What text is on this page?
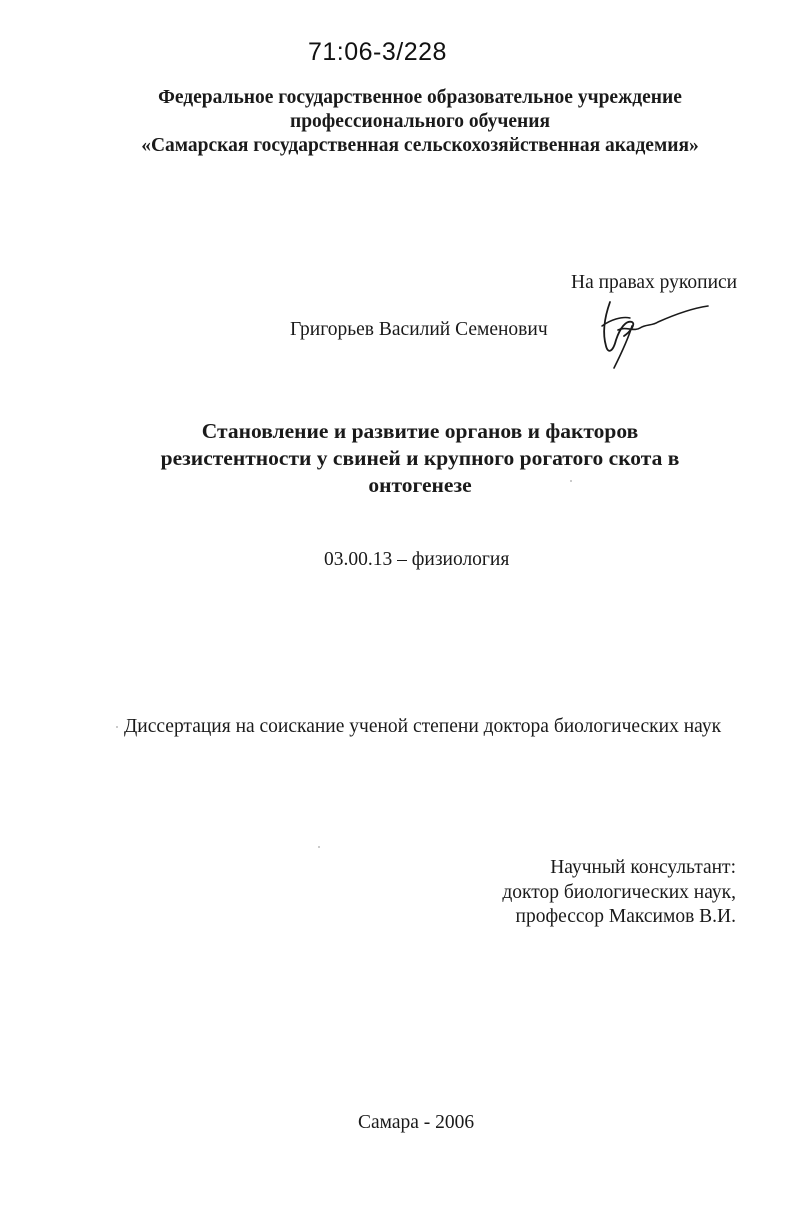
71:06-3/228
Федеральное государственное образовательное учреждение
профессионального обучения
«Самарская государственная сельскохозяйственная академия»
На правах рукописи
Григорьев Василий Семенович
Становление и развитие органов и факторов
резистентности у свиней и крупного рогатого скота в
онтогенезе
03.00.13 – физиология
Диссертация на соискание ученой степени доктора биологических наук
Научный консультант:
доктор биологических наук,
профессор Максимов В.И.
Самара - 2006
